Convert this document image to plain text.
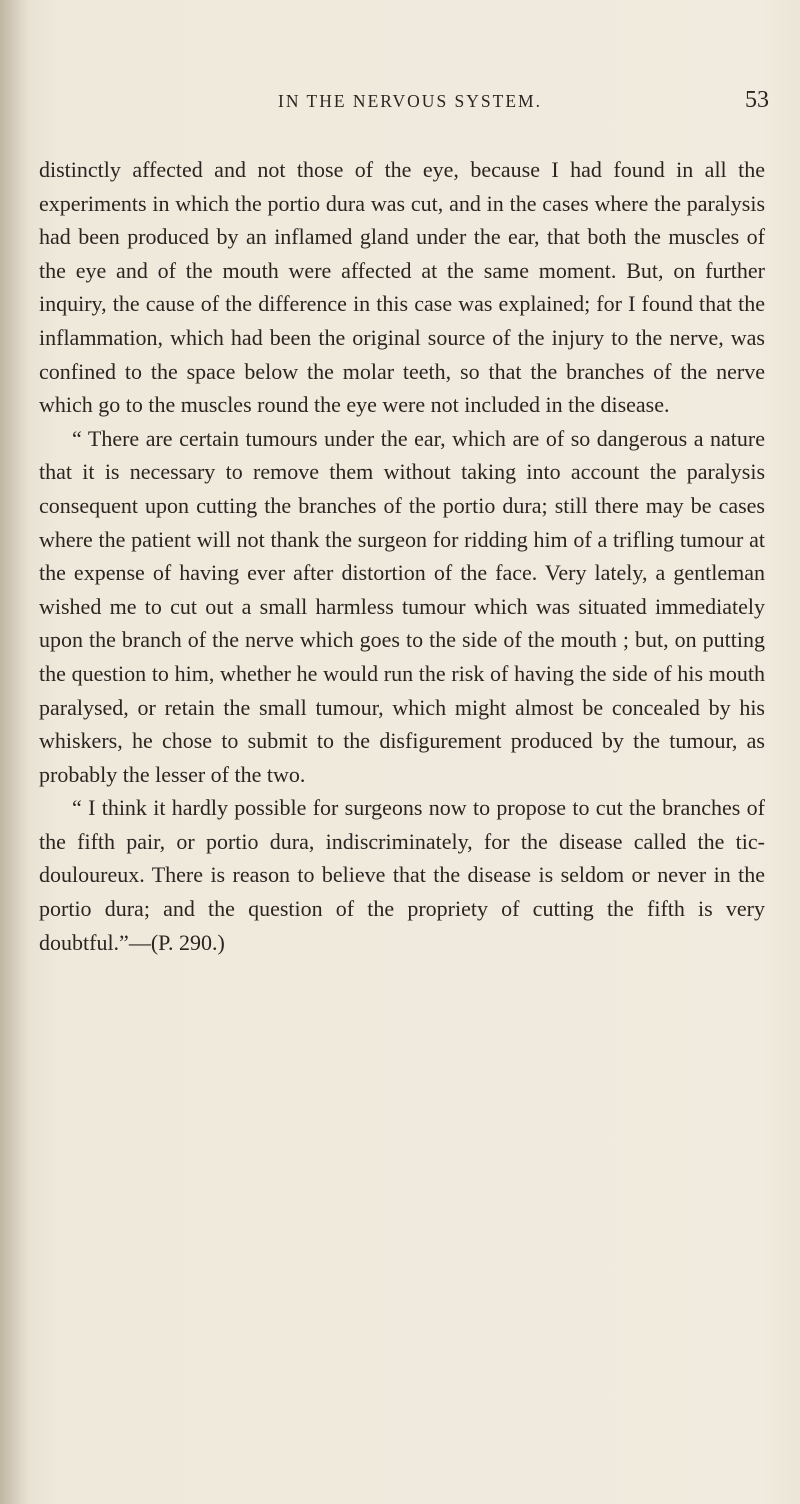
IN THE NERVOUS SYSTEM.	53

distinctly affected and not those of the eye, because I had found in all the experiments in which the portio dura was cut, and in the cases where the paralysis had been produced by an inflamed gland under the ear, that both the muscles of the eye and of the mouth were affected at the same moment. But, on further inquiry, the cause of the difference in this case was explained; for I found that the inflammation, which had been the original source of the injury to the nerve, was confined to the space below the molar teeth, so that the branches of the nerve which go to the muscles round the eye were not included in the disease.

“ There are certain tumours under the ear, which are of so dangerous a nature that it is necessary to remove them without taking into account the paralysis consequent upon cutting the branches of the portio dura; still there may be cases where the patient will not thank the surgeon for ridding him of a trifling tumour at the expense of having ever after distortion of the face. Very lately, a gentleman wished me to cut out a small harmless tumour which was situated immediately upon the branch of the nerve which goes to the side of the mouth ; but, on putting the question to him, whether he would run the risk of having the side of his mouth paralysed, or retain the small tumour, which might almost be concealed by his whiskers, he chose to submit to the disfigurement produced by the tumour, as probably the lesser of the two.

“ I think it hardly possible for surgeons now to propose to cut the branches of the fifth pair, or portio dura, indiscriminately, for the disease called the tic-douloureux. There is reason to believe that the disease is seldom or never in the portio dura; and the question of the propriety of cutting the fifth is very doubtful.”—(P. 290.)
